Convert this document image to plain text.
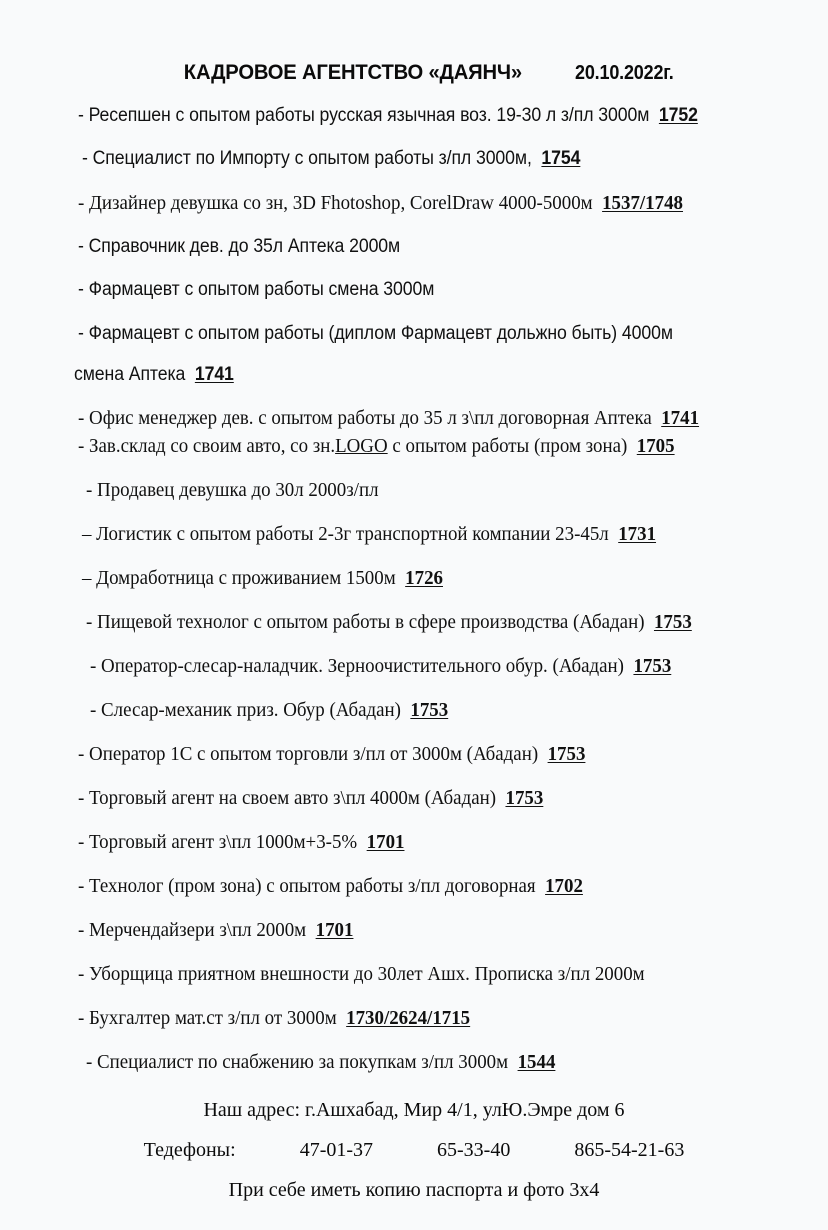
КАДРОВОЕ АГЕНТСТВО «ДАЯНЧ»	20.10.2022г.
- Ресепшен с опытом работы русская язычная воз. 19-30 л з/пл 3000м 1752
- Специалист по Импорту с опытом работы з/пл 3000м, 1754
- Дизайнер девушка со зн, 3D Fhotoshop, CorelDraw 4000-5000м 1537/1748
- Справочник дев. до 35л Аптека 2000м
- Фармацевт с опытом работы смена 3000м
- Фармацевт с опытом работы (диплом Фармацевт дольжно быть) 4000м
смена Аптека 1741
- Офис менеджер дев. с опытом работы до 35 л з\пл договорная Аптека 1741
- Зав.склад со своим авто, со зн.LOGO с опытом работы (пром зона) 1705
- Продавец девушка до 30л 2000з/пл
– Логистик с опытом работы 2-3г транспортной компании 23-45л 1731
– Домработница с проживанием 1500м 1726
- Пищевой технолог с опытом работы в сфере производства (Абадан) 1753
- Оператор-слесар-наладчик. Зерноочистительного обур. (Абадан) 1753
- Слесар-механик приз. Обур (Абадан) 1753
- Оператор 1С с опытом торговли з/пл от 3000м (Абадан) 1753
- Торговый агент на своем авто з\пл 4000м (Абадан) 1753
- Торговый агент з\пл 1000м+3-5% 1701
- Технолог (пром зона) с опытом работы з/пл договорная 1702
- Мерчендайзери з\пл 2000м 1701
- Уборщица приятном внешности до 30лет Ашх. Прописка з/пл 2000м
- Бухгалтер мат.ст з/пл от 3000м 1730/2624/1715
- Специалист по снабжению за покупкам з/пл 3000м 1544
Наш адрес: г.Ашхабад, Мир 4/1, улЮ.Эмре дом 6
Тедефоны:	47-01-37	65-33-40	865-54-21-63
При себе иметь копию паспорта и фото 3х4
